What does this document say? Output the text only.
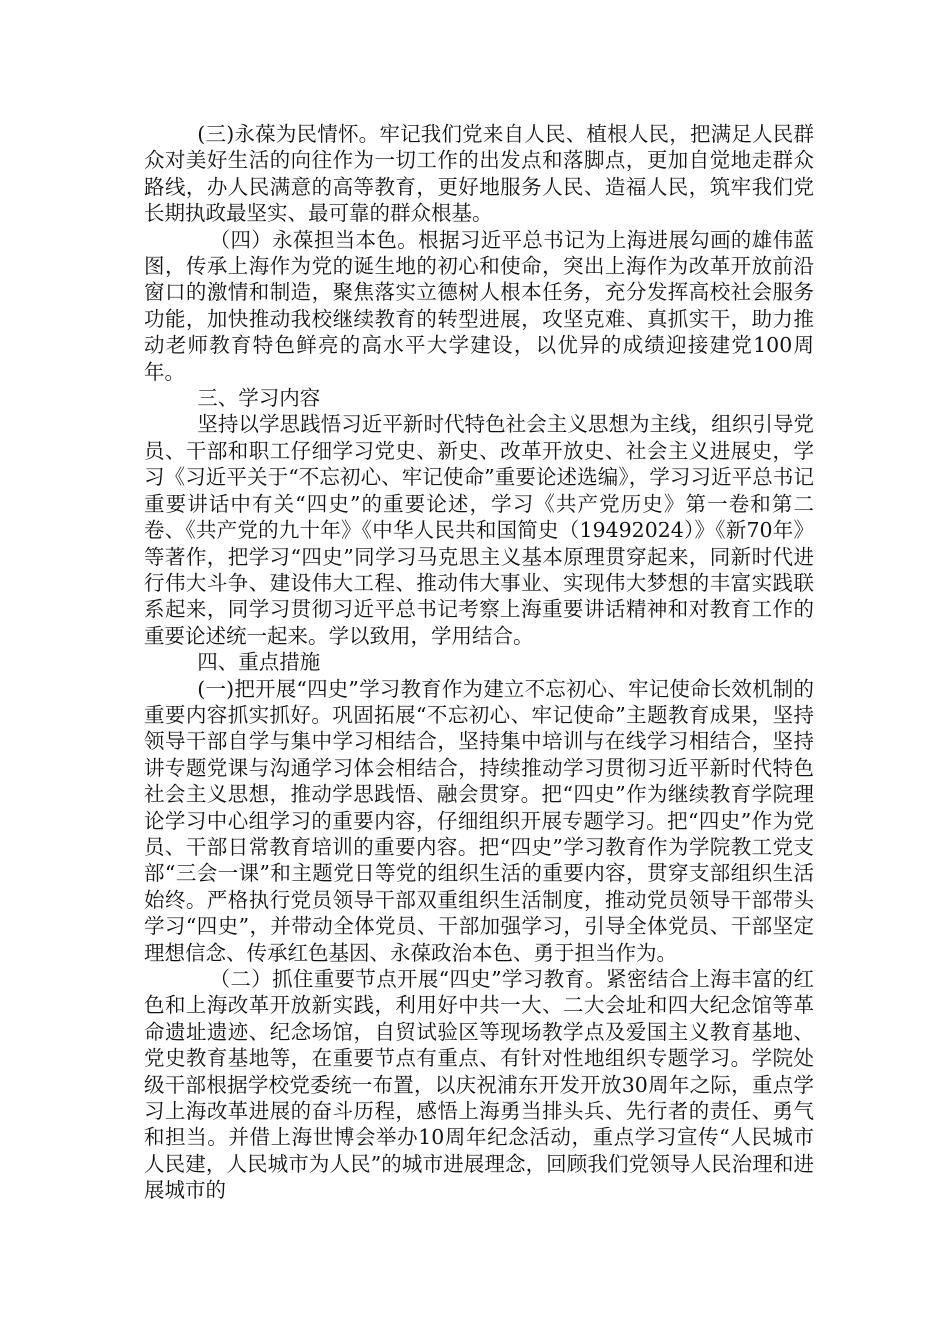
(三)永葆为民情怀。牢记我们党来自人民、植根人民，把满足人民群众对美好生活的向往作为一切工作的出发点和落脚点，更加自觉地走群众路线，办人民满意的高等教育，更好地服务人民、造福人民，筑牢我们党长期执政最坚实、最可靠的群众根基。

（四）永葆担当本色。根据习近平总书记为上海进展勾画的雄伟蓝图，传承上海作为党的诞生地的初心和使命，突出上海作为改革开放前沿窗口的激情和制造，聚焦落实立德树人根本任务，充分发挥高校社会服务功能，加快推动我校继续教育的转型进展，攻坚克难、真抓实干，助力推动老师教育特色鲜亮的高水平大学建设，以优异的成绩迎接建党100周年。

三、学习内容

坚持以学思践悟习近平新时代特色社会主义思想为主线，组织引导党员、干部和职工仔细学习党史、新史、改革开放史、社会主义进展史，学习《习近平关于“不忘初心、牢记使命”重要论述选编》，学习习近平总书记重要讲话中有关“四史”的重要论述，学习《共产党历史》第一卷和第二卷、《共产党的九十年》《中华人民共和国简史（19492024）》《新70年》等著作，把学习“四史”同学习马克思主义基本原理贯穿起来，同新时代进行伟大斗争、建设伟大工程、推动伟大事业、实现伟大梦想的丰富实践联系起来，同学习贯彻习近平总书记考察上海重要讲话精神和对教育工作的重要论述统一起来。学以致用，学用结合。

四、重点措施

(一)把开展“四史”学习教育作为建立不忘初心、牢记使命长效机制的重要内容抓实抓好。巩固拓展“不忘初心、牢记使命”主题教育成果，坚持领导干部自学与集中学习相结合，坚持集中培训与在线学习相结合，坚持讲专题党课与沟通学习体会相结合，持续推动学习贯彻习近平新时代特色社会主义思想，推动学思践悟、融会贯穿。把“四史”作为继续教育学院理论学习中心组学习的重要内容，仔细组织开展专题学习。把“四史”作为党员、干部日常教育培训的重要内容。把“四史”学习教育作为学院教工党支部“三会一课”和主题党日等党的组织生活的重要内容，贯穿支部组织生活始终。严格执行党员领导干部双重组织生活制度，推动党员领导干部带头学习“四史”，并带动全体党员、干部加强学习，引导全体党员、干部坚定理想信念、传承红色基因、永葆政治本色、勇于担当作为。

（二）抓住重要节点开展“四史”学习教育。紧密结合上海丰富的红色和上海改革开放新实践，利用好中共一大、二大会址和四大纪念馆等革命遗址遗迹、纪念场馆，自贸试验区等现场教学点及爱国主义教育基地、党史教育基地等，在重要节点有重点、有针对性地组织专题学习。学院处级干部根据学校党委统一布置，以庆祝浦东开发开放30周年之际，重点学习上海改革进展的奋斗历程，感悟上海勇当排头兵、先行者的责任、勇气和担当。并借上海世博会举办10周年纪念活动，重点学习宣传“人民城市人民建，人民城市为人民”的城市进展理念，回顾我们党领导人民治理和进展城市的
